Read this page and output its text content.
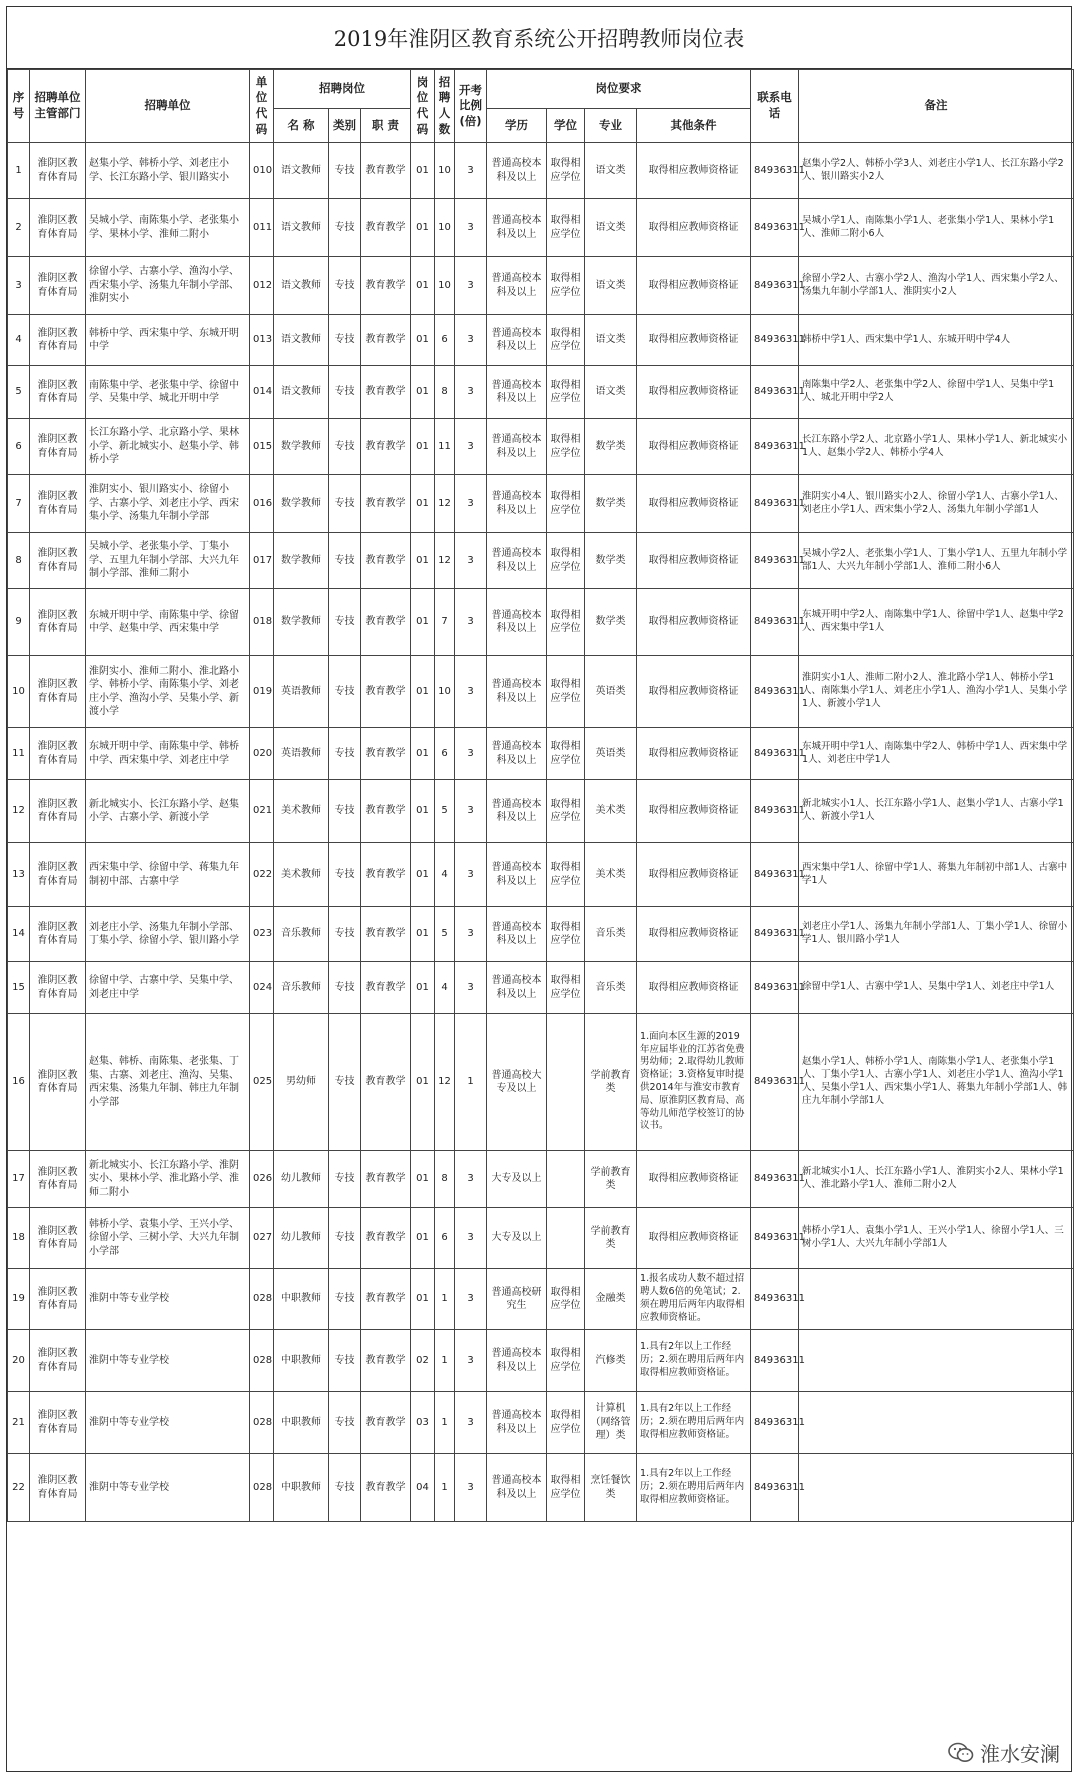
2019年淮阴区教育系统公开招聘教师岗位表
序号	招聘单位主管部门	招聘单位	单位代码	招聘岗位			岗位代码	招聘人数	开考比例(倍)	岗位要求				联系电话	备注
				名 称	类别	职 责				学历	学位	专业	其他条件		
1	淮阴区教育体育局	赵集小学、韩桥小学、刘老庄小学、长江东路小学、银川路实小	010	语文教师	专技	教育教学	01	10	3	普通高校本科及以上	取得相应学位	语文类	取得相应教师资格证	84936311	赵集小学2人、韩桥小学3人、刘老庄小学1人、长江东路小学2人、银川路实小2人
2	淮阴区教育体育局	吴城小学、南陈集小学、老张集小学、果林小学、淮师二附小	011	语文教师	专技	教育教学	01	10	3	普通高校本科及以上	取得相应学位	语文类	取得相应教师资格证	84936311	吴城小学1人、南陈集小学1人、老张集小学1人、果林小学1人、淮师二附小6人
3	淮阴区教育体育局	徐留小学、古寨小学、渔沟小学、西宋集小学、汤集九年制小学部、淮阴实小	012	语文教师	专技	教育教学	01	10	3	普通高校本科及以上	取得相应学位	语文类	取得相应教师资格证	84936311	徐留小学2人、古寨小学2人、渔沟小学1人、西宋集小学2人、汤集九年制小学部1人、淮阴实小2人
4	淮阴区教育体育局	韩桥中学、西宋集中学、东城开明中学	013	语文教师	专技	教育教学	01	6	3	普通高校本科及以上	取得相应学位	语文类	取得相应教师资格证	84936311	韩桥中学1人、西宋集中学1人、东城开明中学4人
5	淮阴区教育体育局	南陈集中学、老张集中学、徐留中学、吴集中学、城北开明中学	014	语文教师	专技	教育教学	01	8	3	普通高校本科及以上	取得相应学位	语文类	取得相应教师资格证	84936311	南陈集中学2人、老张集中学2人、徐留中学1人、吴集中学1人、城北开明中学2人
6	淮阴区教育体育局	长江东路小学、北京路小学、果林小学、新北城实小、赵集小学、韩桥小学	015	数学教师	专技	教育教学	01	11	3	普通高校本科及以上	取得相应学位	数学类	取得相应教师资格证	84936311	长江东路小学2人、北京路小学1人、果林小学1人、新北城实小1人、赵集小学2人、韩桥小学4人
7	淮阴区教育体育局	淮阴实小、银川路实小、徐留小学、古寨小学、刘老庄小学、西宋集小学、汤集九年制小学部	016	数学教师	专技	教育教学	01	12	3	普通高校本科及以上	取得相应学位	数学类	取得相应教师资格证	84936311	淮阴实小4人、银川路实小2人、徐留小学1人、古寨小学1人、刘老庄小学1人、西宋集小学2人、汤集九年制小学部1人
8	淮阴区教育体育局	吴城小学、老张集小学、丁集小学、五里九年制小学部、大兴九年制小学部、淮师二附小	017	数学教师	专技	教育教学	01	12	3	普通高校本科及以上	取得相应学位	数学类	取得相应教师资格证	84936311	吴城小学2人、老张集小学1人、丁集小学1人、五里九年制小学部1人、大兴九年制小学部1人、淮师二附小6人
9	淮阴区教育体育局	东城开明中学、南陈集中学、徐留中学、赵集中学、西宋集中学	018	数学教师	专技	教育教学	01	7	3	普通高校本科及以上	取得相应学位	数学类	取得相应教师资格证	84936311	东城开明中学2人、南陈集中学1人、徐留中学1人、赵集中学2人、西宋集中学1人
10	淮阴区教育体育局	淮阴实小、淮师二附小、淮北路小学、韩桥小学、南陈集小学、刘老庄小学、渔沟小学、吴集小学、新渡小学	019	英语教师	专技	教育教学	01	10	3	普通高校本科及以上	取得相应学位	英语类	取得相应教师资格证	84936311	淮阴实小1人、淮师二附小2人、淮北路小学1人、韩桥小学1人、南陈集小学1人、刘老庄小学1人、渔沟小学1人、吴集小学1人、新渡小学1人
11	淮阴区教育体育局	东城开明中学、南陈集中学、韩桥中学、西宋集中学、刘老庄中学	020	英语教师	专技	教育教学	01	6	3	普通高校本科及以上	取得相应学位	英语类	取得相应教师资格证	84936311	东城开明中学1人、南陈集中学2人、韩桥中学1人、西宋集中学1人、刘老庄中学1人
12	淮阴区教育体育局	新北城实小、长江东路小学、赵集小学、古寨小学、新渡小学	021	美术教师	专技	教育教学	01	5	3	普通高校本科及以上	取得相应学位	美术类	取得相应教师资格证	84936311	新北城实小1人、长江东路小学1人、赵集小学1人、古寨小学1人、新渡小学1人
13	淮阴区教育体育局	西宋集中学、徐留中学、蒋集九年制初中部、古寨中学	022	美术教师	专技	教育教学	01	4	3	普通高校本科及以上	取得相应学位	美术类	取得相应教师资格证	84936311	西宋集中学1人、徐留中学1人、蒋集九年制初中部1人、古寨中学1人
14	淮阴区教育体育局	刘老庄小学、汤集九年制小学部、丁集小学、徐留小学、银川路小学	023	音乐教师	专技	教育教学	01	5	3	普通高校本科及以上	取得相应学位	音乐类	取得相应教师资格证	84936311	刘老庄小学1人、汤集九年制小学部1人、丁集小学1人、徐留小学1人、银川路小学1人
15	淮阴区教育体育局	徐留中学、古寨中学、吴集中学、刘老庄中学	024	音乐教师	专技	教育教学	01	4	3	普通高校本科及以上	取得相应学位	音乐类	取得相应教师资格证	84936311	徐留中学1人、古寨中学1人、吴集中学1人、刘老庄中学1人
16	淮阴区教育体育局	赵集、韩桥、南陈集、老张集、丁集、古寨、刘老庄、渔沟、吴集、西宋集、汤集九年制、韩庄九年制小学部	025	男幼师	专技	教育教学	01	12	1	普通高校大专及以上		学前教育类	1.面向本区生源的2019年应届毕业的江苏省免费男幼师；2.取得幼儿教师资格证；3.资格复审时提供2014年与淮安市教育局、原淮阴区教育局、高等幼儿师范学校签订的协议书。	84936311	赵集小学1人、韩桥小学1人、南陈集小学1人、老张集小学1人、丁集小学1人、古寨小学1人、刘老庄小学1人、渔沟小学1人、吴集小学1人、西宋集小学1人、蒋集九年制小学部1人、韩庄九年制小学部1人
17	淮阴区教育体育局	新北城实小、长江东路小学、淮阴实小、果林小学、淮北路小学、淮师二附小	026	幼儿教师	专技	教育教学	01	8	3	大专及以上		学前教育类	取得相应教师资格证	84936311	新北城实小1人、长江东路小学1人、淮阴实小2人、果林小学1人、淮北路小学1人、淮师二附小2人
18	淮阴区教育体育局	韩桥小学、袁集小学、王兴小学、徐留小学、三树小学、大兴九年制小学部	027	幼儿教师	专技	教育教学	01	6	3	大专及以上		学前教育类	取得相应教师资格证	84936311	韩桥小学1人、袁集小学1人、王兴小学1人、徐留小学1人、三树小学1人、大兴九年制小学部1人
19	淮阴区教育体育局	淮阴中等专业学校	028	中职教师	专技	教育教学	01	1	3	普通高校研究生	取得相应学位	金融类	1.报名成功人数不超过招聘人数6倍的免笔试；2.须在聘用后两年内取得相应教师资格证。	84936311	
20	淮阴区教育体育局	淮阴中等专业学校	028	中职教师	专技	教育教学	02	1	3	普通高校本科及以上	取得相应学位	汽修类	1.具有2年以上工作经历；2.须在聘用后两年内取得相应教师资格证。	84936311	
21	淮阴区教育体育局	淮阴中等专业学校	028	中职教师	专技	教育教学	03	1	3	普通高校本科及以上	取得相应学位	计算机（网络管理）类	1.具有2年以上工作经历；2.须在聘用后两年内取得相应教师资格证。	84936311	
22	淮阴区教育体育局	淮阴中等专业学校	028	中职教师	专技	教育教学	04	1	3	普通高校本科及以上	取得相应学位	烹饪餐饮类	1.具有2年以上工作经历；2.须在聘用后两年内取得相应教师资格证。	84936311	
淮水安澜
